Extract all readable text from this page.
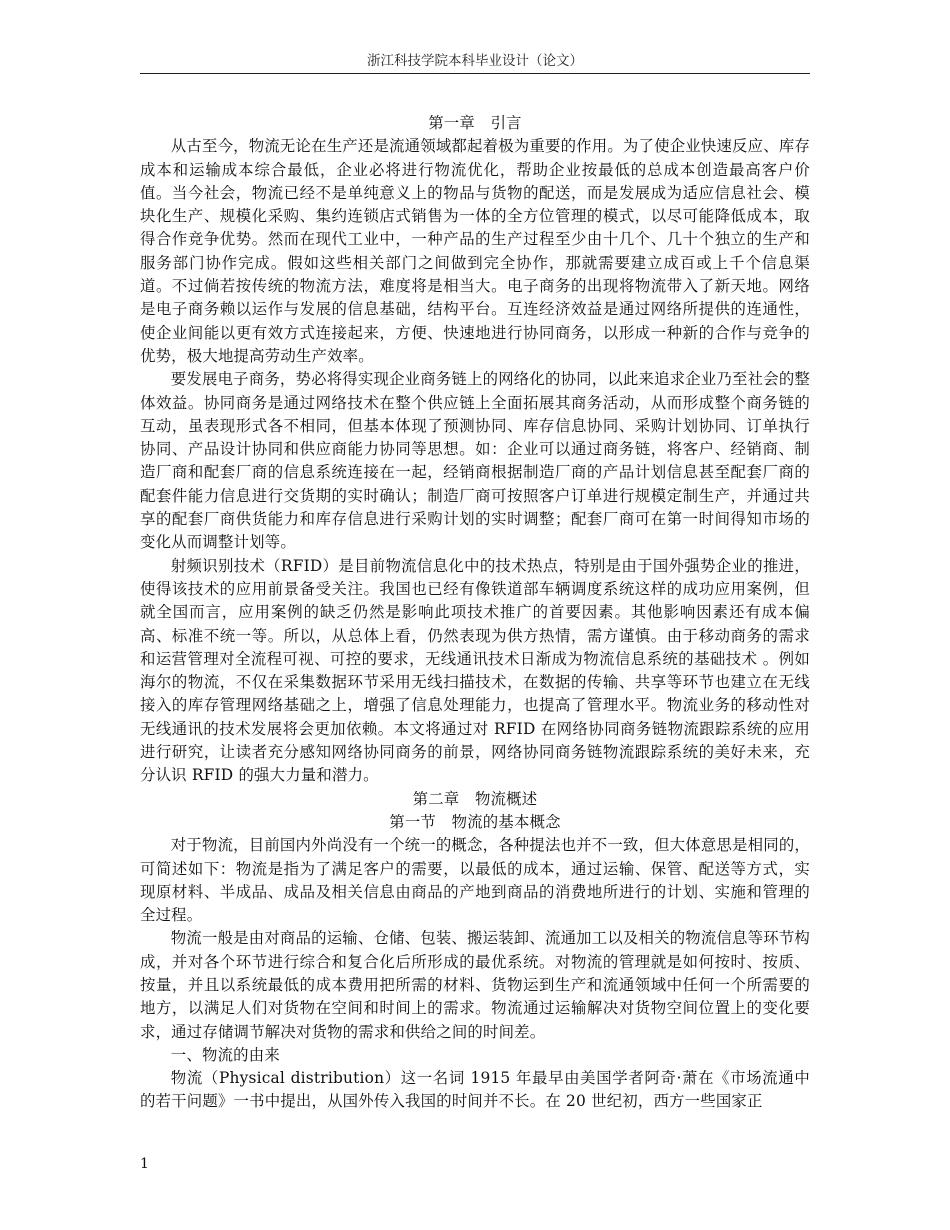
浙江科技学院本科毕业设计（论文）

第一章　引言

从古至今，物流无论在生产还是流通领域都起着极为重要的作用。为了使企业快速反应、库存成本和运输成本综合最低，企业必将进行物流优化，帮助企业按最低的总成本创造最高客户价值。当今社会，物流已经不是单纯意义上的物品与货物的配送，而是发展成为适应信息社会、模块化生产、规模化采购、集约连锁店式销售为一体的全方位管理的模式，以尽可能降低成本，取得合作竞争优势。然而在现代工业中，一种产品的生产过程至少由十几个、几十个独立的生产和服务部门协作完成。假如这些相关部门之间做到完全协作，那就需要建立成百或上千个信息渠道。不过倘若按传统的物流方法，难度将是相当大。电子商务的出现将物流带入了新天地。网络是电子商务赖以运作与发展的信息基础，结构平台。互连经济效益是通过网络所提供的连通性，使企业间能以更有效方式连接起来，方便、快速地进行协同商务，以形成一种新的合作与竞争的优势，极大地提高劳动生产效率。

要发展电子商务，势必将得实现企业商务链上的网络化的协同，以此来追求企业乃至社会的整体效益。协同商务是通过网络技术在整个供应链上全面拓展其商务活动，从而形成整个商务链的互动，虽表现形式各不相同，但基本体现了预测协同、库存信息协同、采购计划协同、订单执行协同、产品设计协同和供应商能力协同等思想。如：企业可以通过商务链，将客户、经销商、制造厂商和配套厂商的信息系统连接在一起，经销商根据制造厂商的产品计划信息甚至配套厂商的配套件能力信息进行交货期的实时确认；制造厂商可按照客户订单进行规模定制生产，并通过共享的配套厂商供货能力和库存信息进行采购计划的实时调整；配套厂商可在第一时间得知市场的变化从而调整计划等。

射频识别技术（RFID）是目前物流信息化中的技术热点，特别是由于国外强势企业的推进，使得该技术的应用前景备受关注。我国也已经有像铁道部车辆调度系统这样的成功应用案例，但就全国而言，应用案例的缺乏仍然是影响此项技术推广的首要因素。其他影响因素还有成本偏高、标准不统一等。所以，从总体上看，仍然表现为供方热情，需方谨慎。由于移动商务的需求和运营管理对全流程可视、可控的要求，无线通讯技术日渐成为物流信息系统的基础技术 。例如海尔的物流，不仅在采集数据环节采用无线扫描技术，在数据的传输、共享等环节也建立在无线接入的库存管理网络基础之上，增强了信息处理能力，也提高了管理水平。物流业务的移动性对无线通讯的技术发展将会更加依赖。本文将通过对 RFID 在网络协同商务链物流跟踪系统的应用进行研究，让读者充分感知网络协同商务的前景，网络协同商务链物流跟踪系统的美好未来，充分认识 RFID 的强大力量和潜力。

第二章　物流概述

第一节　物流的基本概念

对于物流，目前国内外尚没有一个统一的概念，各种提法也并不一致，但大体意思是相同的，可简述如下：物流是指为了满足客户的需要，以最低的成本，通过运输、保管、配送等方式，实现原材料、半成品、成品及相关信息由商品的产地到商品的消费地所进行的计划、实施和管理的全过程。

物流一般是由对商品的运输、仓储、包装、搬运装卸、流通加工以及相关的物流信息等环节构成，并对各个环节进行综合和复合化后所形成的最优系统。对物流的管理就是如何按时、按质、按量，并且以系统最低的成本费用把所需的材料、货物运到生产和流通领域中任何一个所需要的地方，以满足人们对货物在空间和时间上的需求。物流通过运输解决对货物空间位置上的变化要求，通过存储调节解决对货物的需求和供给之间的时间差。

一、物流的由来

物流（Physical distribution）这一名词 1915 年最早由美国学者阿奇·萧在《市场流通中的若干问题》一书中提出，从国外传入我国的时间并不长。在 20 世纪初，西方一些国家正

1
